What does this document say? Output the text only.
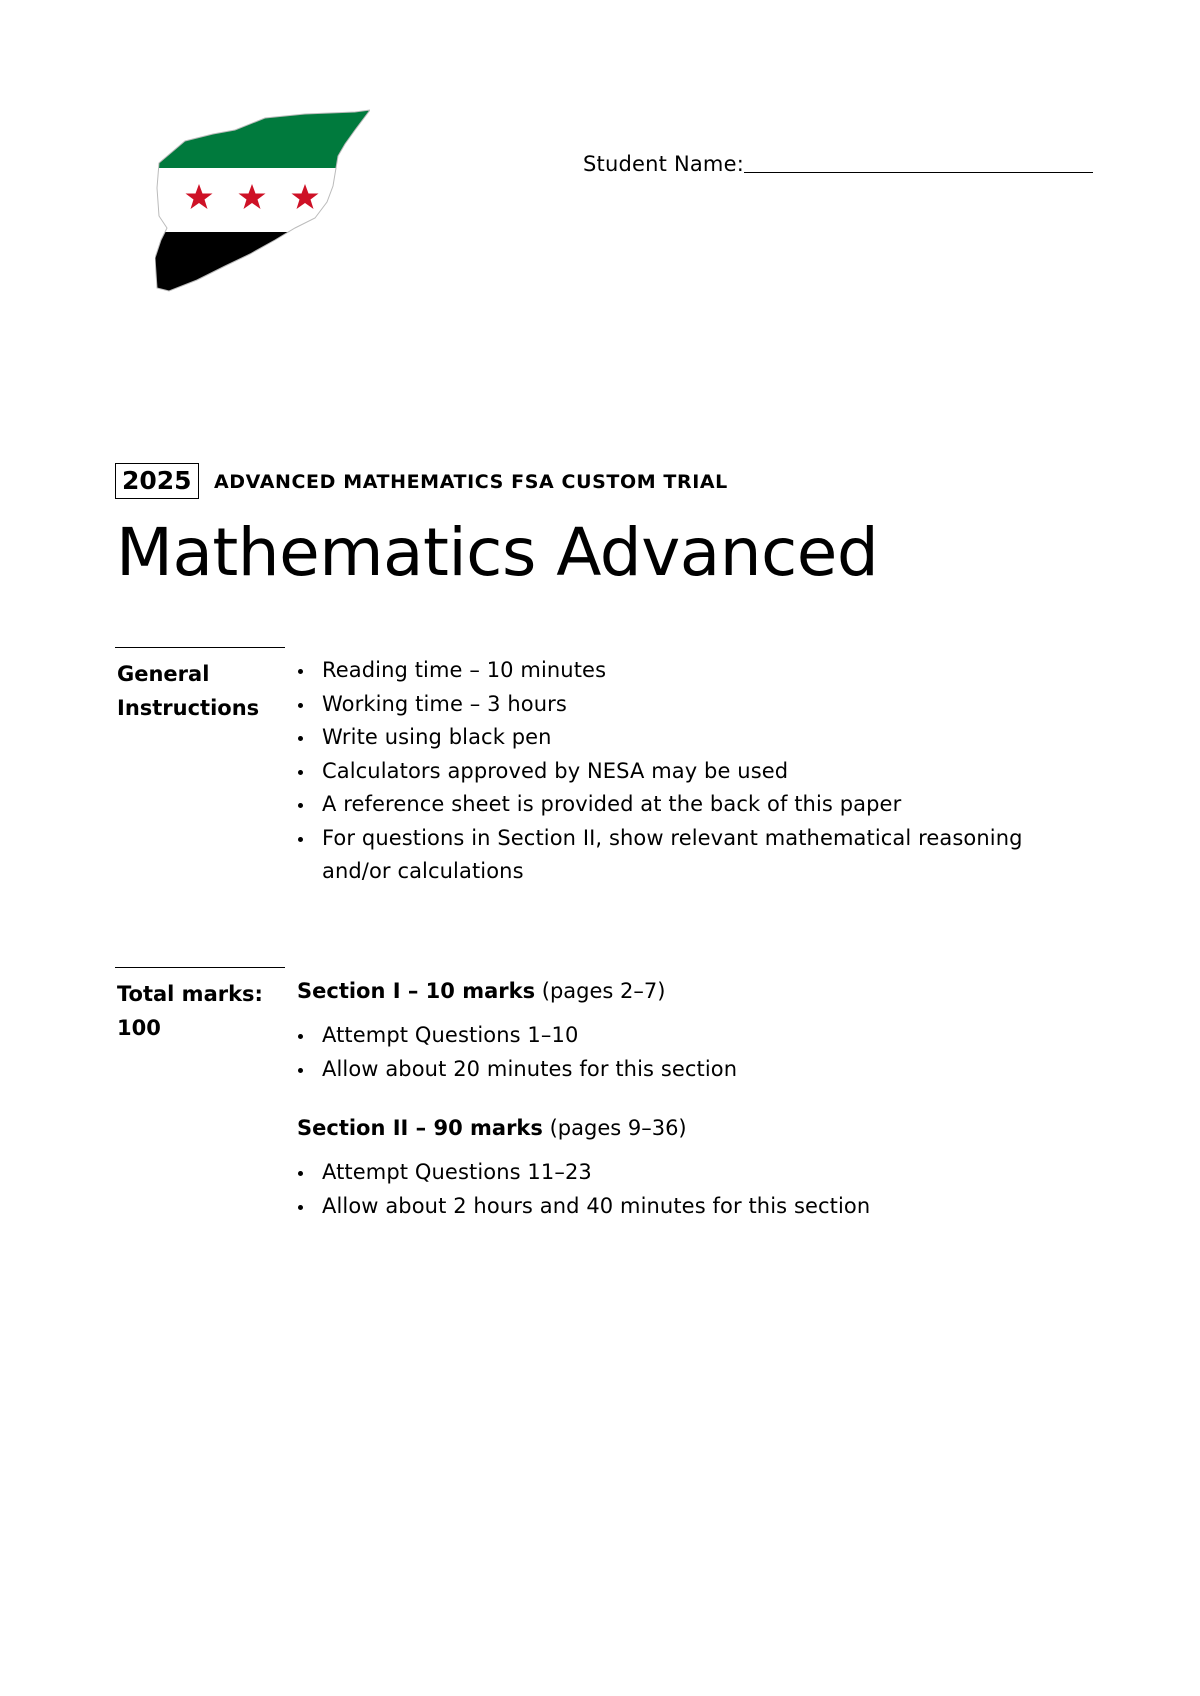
Student Name:
2025	ADVANCED MATHEMATICS FSA CUSTOM TRIAL
Mathematics Advanced
General
Instructions
Reading time – 10 minutes
Working time – 3 hours
Write using black pen
Calculators approved by NESA may be used
A reference sheet is provided at the back of this paper
For questions in Section II, show relevant mathematical reasoning and/or calculations
Total marks:
100
Section I – 10 marks (pages 2–7)
Attempt Questions 1–10
Allow about 20 minutes for this section
Section II – 90 marks (pages 9–36)
Attempt Questions 11–23
Allow about 2 hours and 40 minutes for this section
